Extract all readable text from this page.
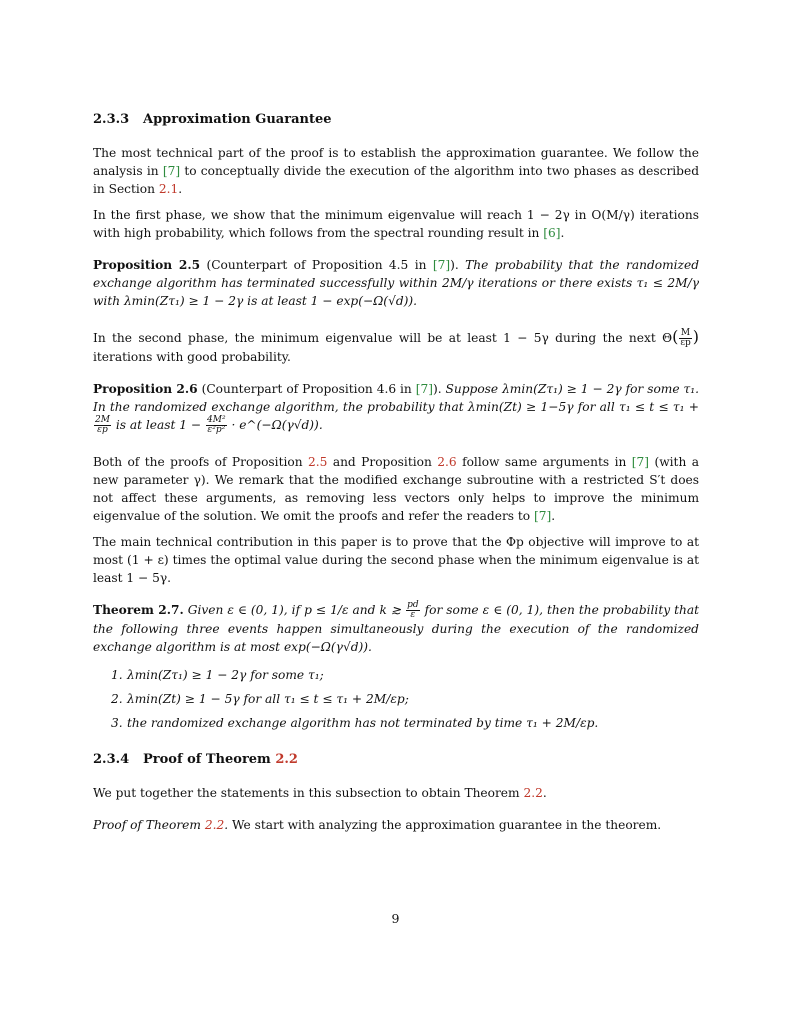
2.3.3 Approximation Guarantee

The most technical part of the proof is to establish the approximation guarantee. We follow the analysis in [7] to conceptually divide the execution of the algorithm into two phases as described in Section 2.1.

In the first phase, we show that the minimum eigenvalue will reach 1 − 2γ in O(M/γ) iterations with high probability, which follows from the spectral rounding result in [6].

Proposition 2.5 (Counterpart of Proposition 4.5 in [7]). The probability that the randomized exchange algorithm has terminated successfully within 2M/γ iterations or there exists τ₁ ≤ 2M/γ with λmin(Zτ₁) ≥ 1 − 2γ is at least 1 − exp(−Ω(√d)).

In the second phase, the minimum eigenvalue will be at least 1 − 5γ during the next $\Theta( \frac{M}{\varepsilon p}$ ) iterations with good probability.

Proposition 2.6 (Counterpart of Proposition 4.6 in [7]). Suppose λmin(Zτ₁) ≥ 1 − 2γ for some τ₁. In the randomized exchange algorithm, the probability that λmin(Zt) ≥ 1−5γ for all τ₁ ≤ t ≤ τ₁ +
$\frac{2M}{\varepsilon p}$ is at least $1 - \frac{\text{4M²}}{\text{ε²p²}}$ · e^(−Ω(γ√d)).

Both of the proofs of Proposition 2.5 and Proposition 2.6 follow same arguments in [7] (with a new parameter γ). We remark that the modified exchange subroutine with a restricted S′t does not affect these arguments, as removing less vectors only helps to improve the minimum eigenvalue of the solution. We omit the proofs and refer the readers to [7].

The main technical contribution in this paper is to prove that the Φp objective will improve to at most (1 + ε) times the optimal value during the second phase when the minimum eigenvalue is at least 1 − 5γ.

Theorem 2.7. Given ε ∈ (0, 1), if p ≤ 1/ε and k ≳ $\frac{pd}{\varepsilon}$ for some ε ∈ (0, 1), then the probability that the following three events happen simultaneously during the execution of the randomized exchange algorithm is at most exp(−Ω(γ√d)).

1. λmin(Zτ₁) ≥ 1 − 2γ for some τ₁;
2. λmin(Zt) ≥ 1 − 5γ for all τ₁ ≤ t ≤ τ₁ + 2M/εp;
3. the randomized exchange algorithm has not terminated by time τ₁ + 2M/εp.
2.3.4 Proof of Theorem 2.2

We put together the statements in this subsection to obtain Theorem 2.2.

Proof of Theorem 2.2. We start with analyzing the approximation guarantee in the theorem.

9
